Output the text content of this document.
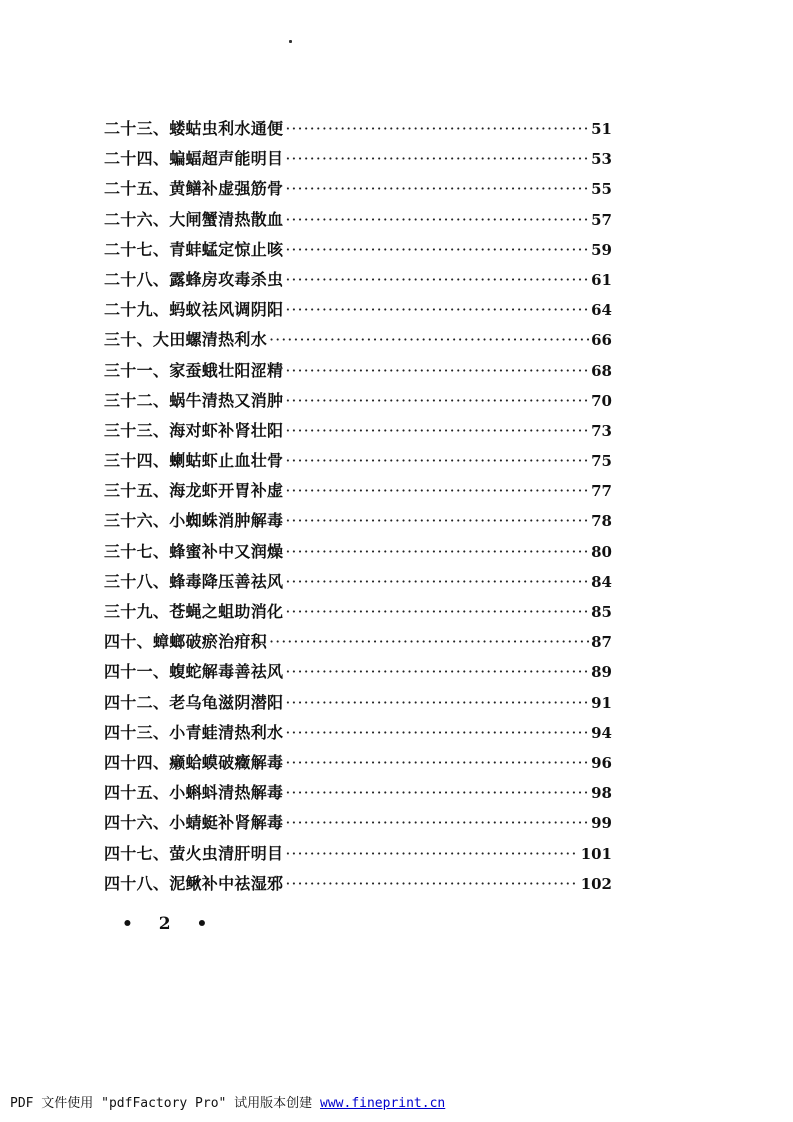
二十三、蝼蛄虫利水通便 ·····	51
二十四、蝙蝠超声能明目 ·····	53
二十五、黄鳝补虚强筋骨 ·····	55
二十六、大闸蟹清热散血 ·····	57
二十七、青蚌蜢定惊止咳 ·····	59
二十八、露蜂房攻毒杀虫 ·····	61
二十九、蚂蚁祛风调阴阳 ·····	64
三十、大田螺清热利水 ·····	66
三十一、家蚕蛾壮阳涩精 ·····	68
三十二、蜗牛清热又消肿 ·····	70
三十三、海对虾补肾壮阳 ·····	73
三十四、蝲蛄虾止血壮骨 ·····	75
三十五、海龙虾开胃补虚 ·····	77
三十六、小蜘蛛消肿解毒 ·····	78
三十七、蜂蜜补中又润燥 ·····	80
三十八、蜂毒降压善祛风 ·····	84
三十九、苍蝇之蛆助消化 ·····	85
四十、蟑螂破瘀治疳积 ·····	87
四十一、蝮蛇解毒善祛风 ·····	89
四十二、老乌龟滋阴潜阳 ·····	91
四十三、小青蛙清热利水 ·····	94
四十四、癞蛤蟆破癥解毒 ·····	96
四十五、小蝌蚪清热解毒 ·····	98
四十六、小蜻蜓补肾解毒 ·····	99
四十七、萤火虫清肝明目 ·····	101
四十八、泥鳅补中祛湿邪 ·····	102
• 2 •
PDF 文件使用 "pdfFactory Pro" 试用版本创建 www.fineprint.cn
